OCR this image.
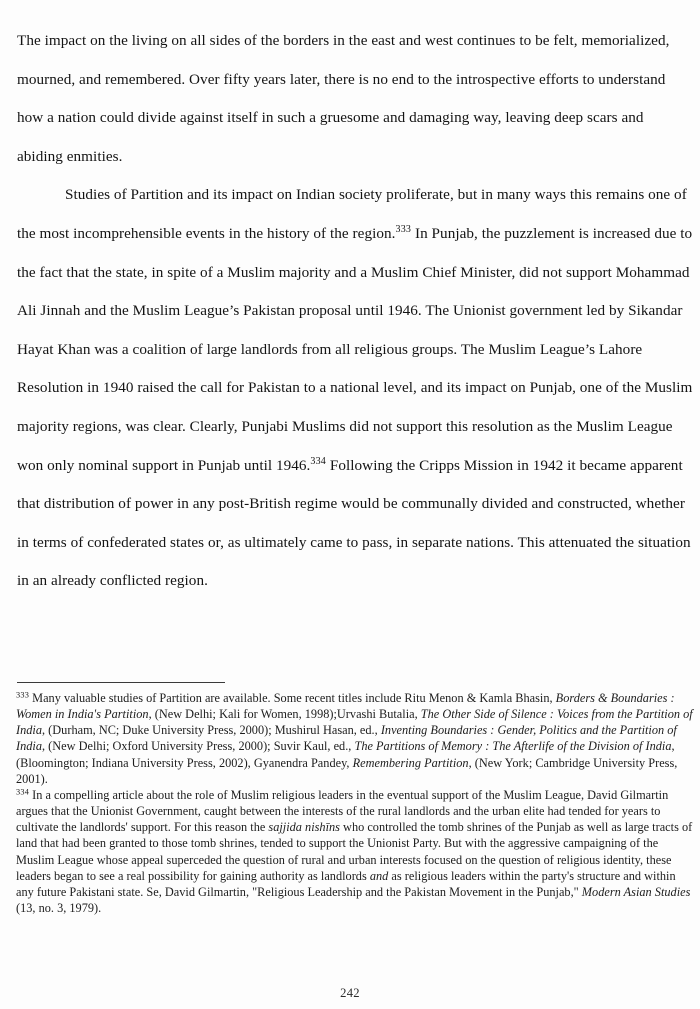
The impact on the living on all sides of the borders in the east and west continues to be felt, memorialized, mourned, and remembered. Over fifty years later, there is no end to the introspective efforts to understand how a nation could divide against itself in such a gruesome and damaging way, leaving deep scars and abiding enmities.

Studies of Partition and its impact on Indian society proliferate, but in many ways this remains one of the most incomprehensible events in the history of the region.$^{333}$ In Punjab, the puzzlement is increased due to the fact that the state, in spite of a Muslim majority and a Muslim Chief Minister, did not support Mohammad Ali Jinnah and the Muslim League’s Pakistan proposal until 1946. The Unionist government led by Sikandar Hayat Khan was a coalition of large landlords from all religious groups. The Muslim League’s Lahore Resolution in 1940 raised the call for Pakistan to a national level, and its impact on Punjab, one of the Muslim majority regions, was clear. Clearly, Punjabi Muslims did not support this resolution as the Muslim League won only nominal support in Punjab until 1946.$^{334}$ Following the Cripps Mission in 1942 it became apparent that distribution of power in any post-British regime would be communally divided and constructed, whether in terms of confederated states or, as ultimately came to pass, in separate nations. This attenuated the situation in an already conflicted region.

$^{333}$ Many valuable studies of Partition are available. Some recent titles include Ritu Menon & Kamla Bhasin, Borders & Boundaries : Women in India's Partition, (New Delhi; Kali for Women, 1998);Urvashi Butalia, The Other Side of Silence : Voices from the Partition of India, (Durham, NC; Duke University Press, 2000); Mushirul Hasan, ed., Inventing Boundaries : Gender, Politics and the Partition of India, (New Delhi; Oxford University Press, 2000); Suvir Kaul, ed., The Partitions of Memory : The Afterlife of the Division of India, (Bloomington; Indiana University Press, 2002), Gyanendra Pandey, Remembering Partition, (New York; Cambridge University Press, 2001).

$^{334}$ In a compelling article about the role of Muslim religious leaders in the eventual support of the Muslim League, David Gilmartin argues that the Unionist Government, caught between the interests of the rural landlords and the urban elite had tended for years to cultivate the landlords' support. For this reason the sajjida nishīns who controlled the tomb shrines of the Punjab as well as large tracts of land that had been granted to those tomb shrines, tended to support the Unionist Party. But with the aggressive campaigning of the Muslim League whose appeal superceded the question of rural and urban interests focused on the question of religious identity, these leaders began to see a real possibility for gaining authority as landlords and as religious leaders within the party's structure and within any future Pakistani state. Se, David Gilmartin, "Religious Leadership and the Pakistan Movement in the Punjab," Modern Asian Studies (13, no. 3, 1979).

242
